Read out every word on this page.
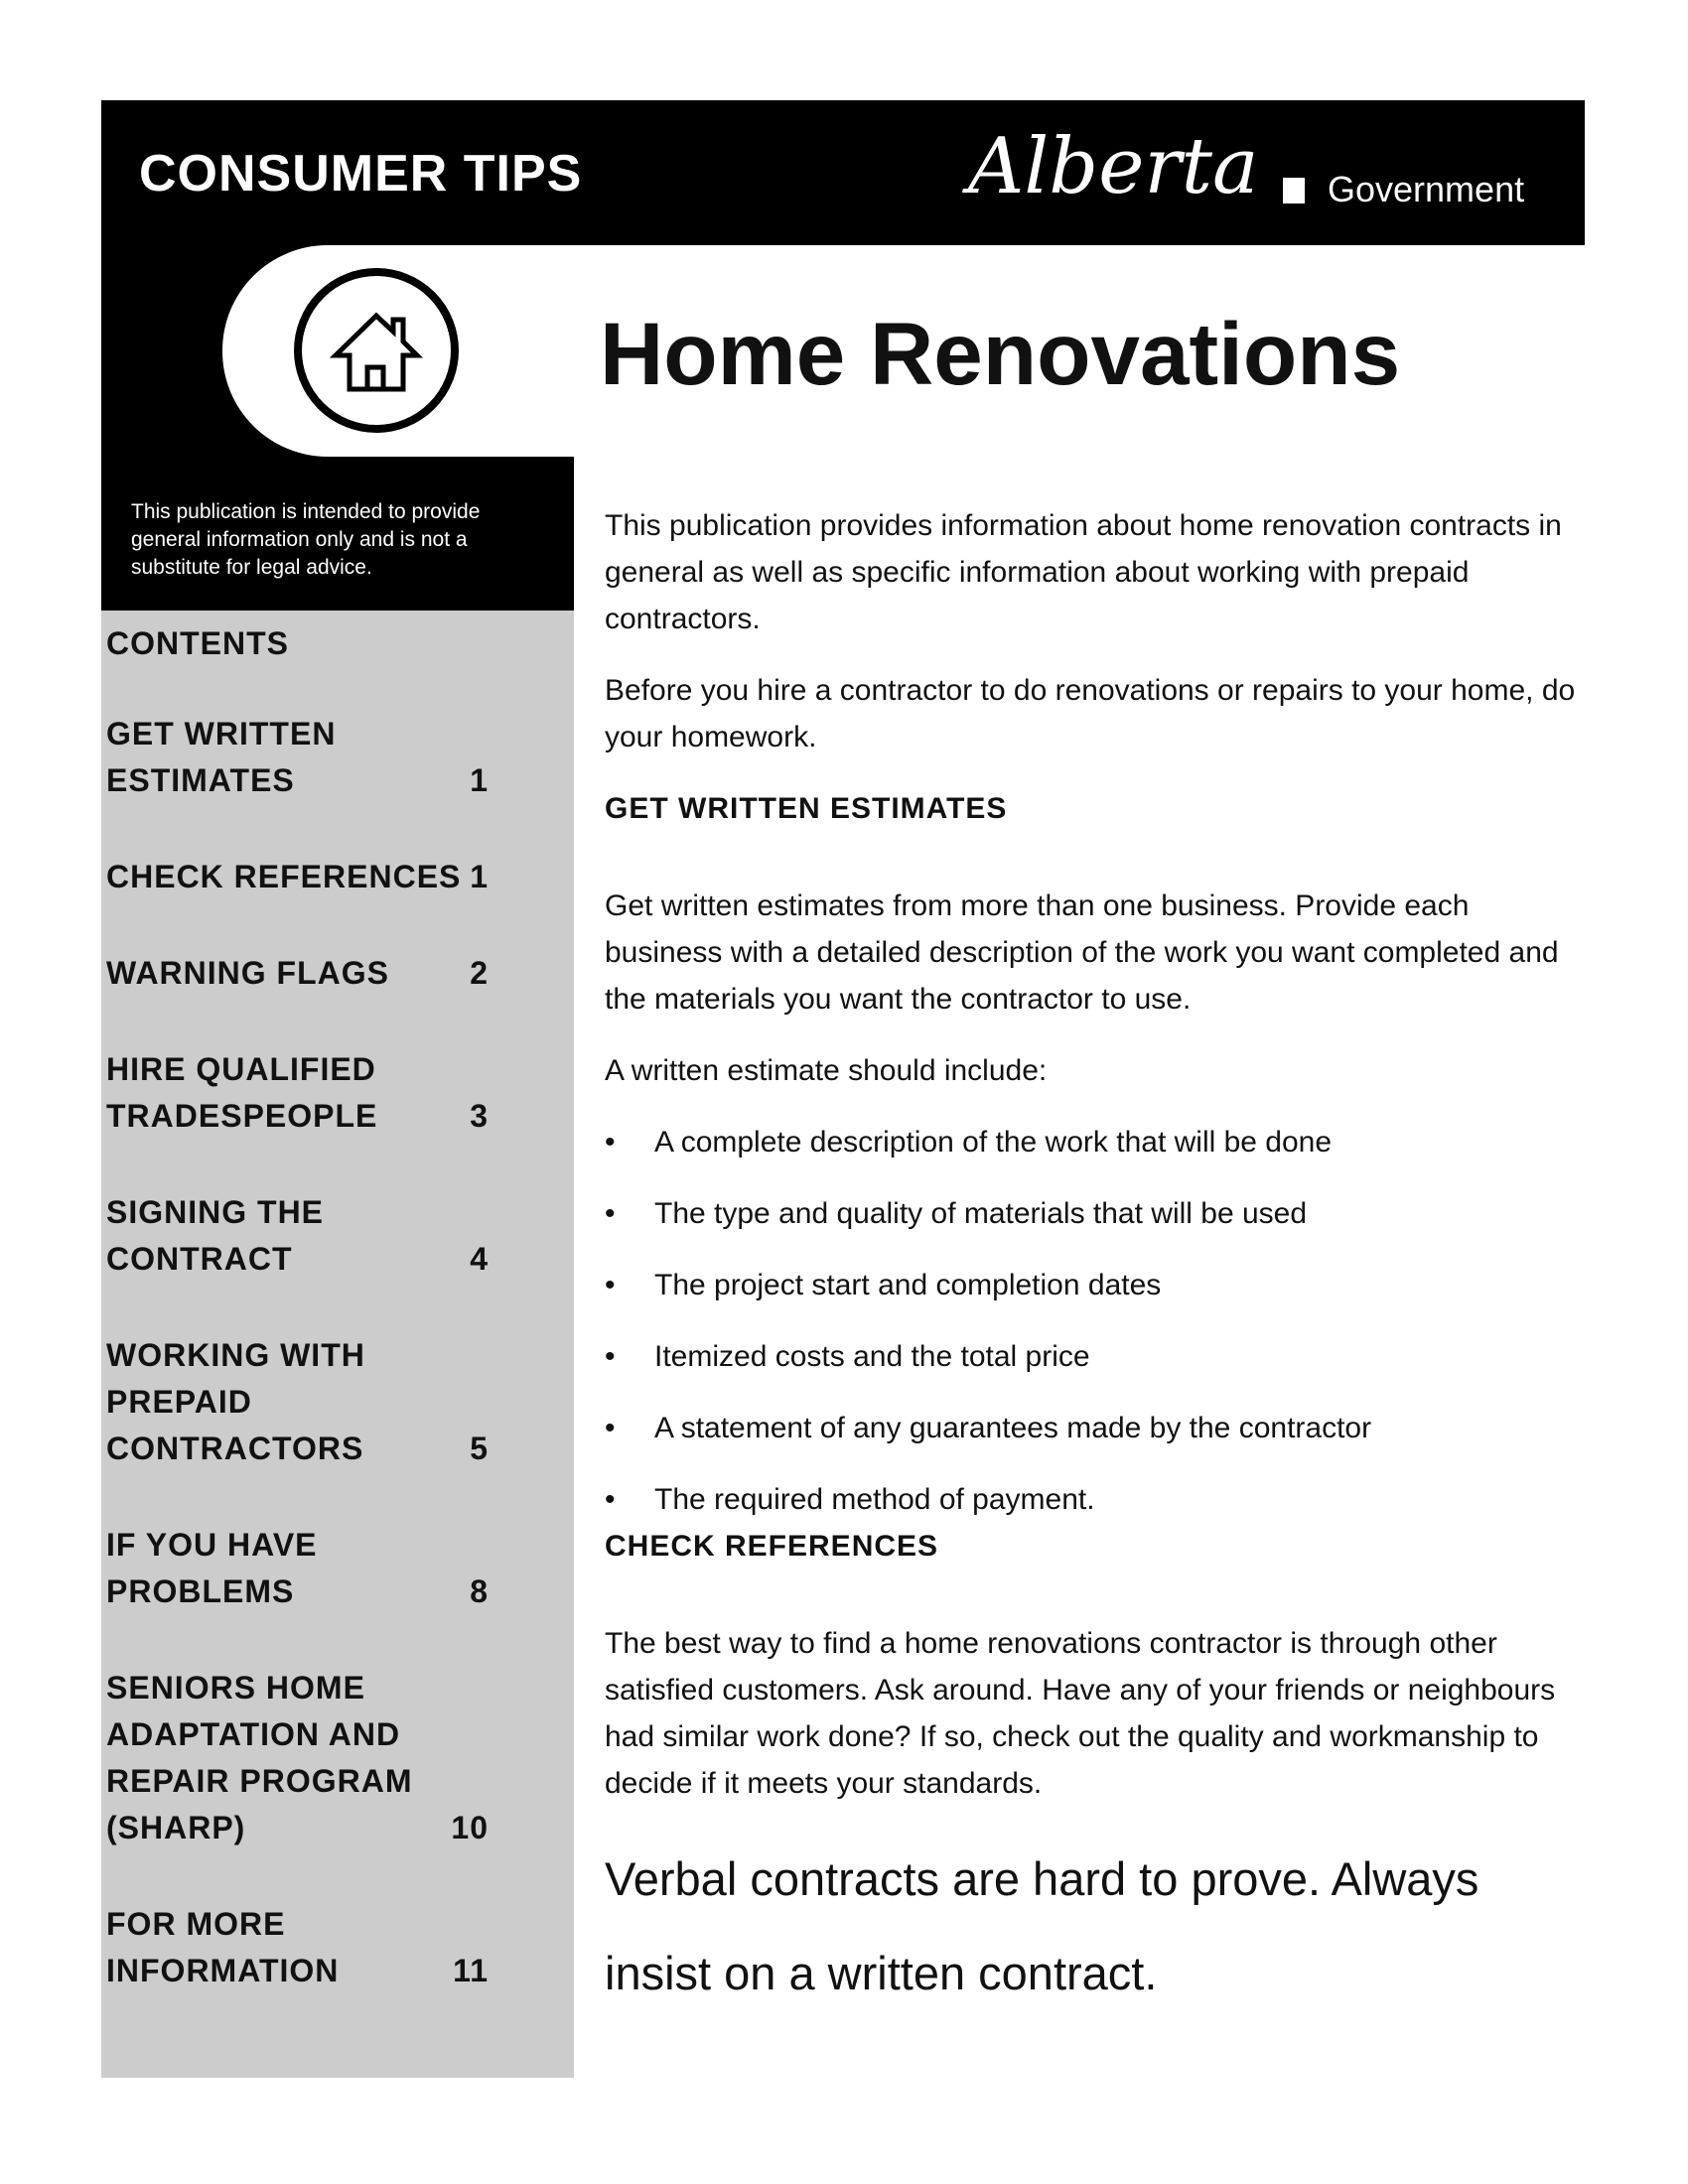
CONSUMER TIPS	Alberta Government
Home Renovations
This publication is intended to provide general information only and is not a substitute for legal advice.
CONTENTS
GET WRITTEN ESTIMATES	1
CHECK REFERENCES 1
WARNING FLAGS	2
HIRE QUALIFIED TRADESPEOPLE	3
SIGNING THE CONTRACT	4
WORKING WITH PREPAID CONTRACTORS	5
IF YOU HAVE PROBLEMS	8
SENIORS HOME ADAPTATION AND REPAIR PROGRAM (SHARP)	10
FOR MORE INFORMATION	11

This publication provides information about home renovation contracts in general as well as specific information about working with prepaid contractors.

Before you hire a contractor to do renovations or repairs to your home, do your homework.

GET WRITTEN ESTIMATES

Get written estimates from more than one business. Provide each business with a detailed description of the work you want completed and the materials you want the contractor to use.

A written estimate should include:

• A complete description of the work that will be done
• The type and quality of materials that will be used
• The project start and completion dates
• Itemized costs and the total price
• A statement of any guarantees made by the contractor
• The required method of payment.
CHECK REFERENCES

The best way to find a home renovations contractor is through other satisfied customers. Ask around. Have any of your friends or neighbours had similar work done? If so, check out the quality and workmanship to decide if it meets your standards.

Verbal contracts are hard to prove. Always insist on a written contract.
